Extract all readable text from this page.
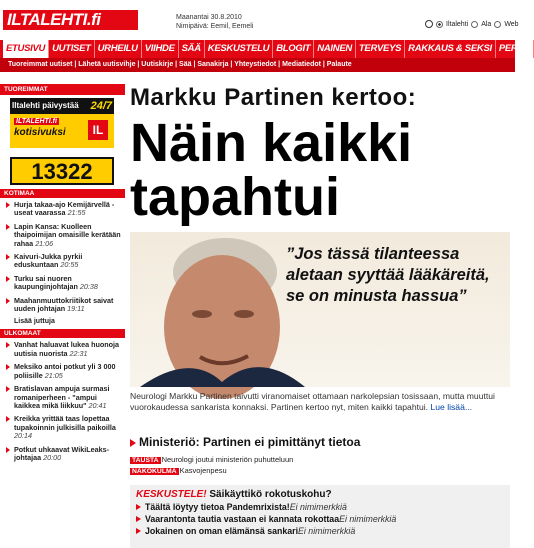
ILTALEHTI.fi	Maanantai 30.8.2010
Nimipäivä: Eemil, Eemeli	Iltalehti Ala Web
ETUSIVU UUTISET URHEILU VIIHDE SÄÄ KESKUSTELU BLOGIT NAINEN TERVEYS RAKKAUS & SEKSI PERHE
Tuoreimmat uutiset | Lähetä uutisvihje | Uutiskirje | Sää | Sanakirja | Yhteystiedot | Mediatiedot | Palaute
TUOREIMMAT
Iltalehti päivystää 24/7
ILTALEHTI.fi
kotisivuksi	IL
13322
KOTIMAA
Hurja takaa-ajo Kemijärvellä - useat vaarassa 21:55
Lapin Kansa: Kuolleen thaipoimijan omaisille kerätään rahaa 21:06
Kaivuri-Jukka pyrkii eduskuntaan 20:55
Turku sai nuoren kaupunginjohtajan 20:38
Maahanmuuttokriitikot saivat uuden johtajan 19:11
Lisää juttuja
ULKOMAAT
Vanhat haluavat lukea huonoja uutisia nuorista 22:31
Meksiko antoi potkut yli 3 000 poliisille 21:05
Bratislavan ampuja surmasi romaniperheen - "ampui kaikkea mikä liikkuu" 20:41
Kreikka yrittää taas lopettaa tupakoinnin julkisilla paikoilla 20:14
Potkut uhkaavat WikiLeaks-johtajaa 20:00
Markku Partinen kertoo:
Näin kaikki
tapahtui
”Jos tässä tilanteessa aletaan syyttää lääkäreitä, se on minusta hassua”
Neurologi Markku Partinen taivutti viranomaiset ottamaan narkolepsian tosissaan, mutta muuttui vuorokaudessa sankarista konnaksi. Partinen kertoo nyt, miten kaikki tapahtui. Lue lisää...
Ministeriö: Partinen ei pimittänyt tietoa
TAUSTA Neurologi joutui ministeriön puhutteluun
NÄKÖKULMA Kasvojenpesu
KESKUSTELE! Säikäyttikö rokotuskohu?
Täältä löytyy tietoa Pandemrixista!Ei nimimerkkiä
Vaarantonta tautia vastaan ei kannata rokottaaEi nimimerkkiä
Jokainen on oman elämänsä sankariEi nimimerkkiä
